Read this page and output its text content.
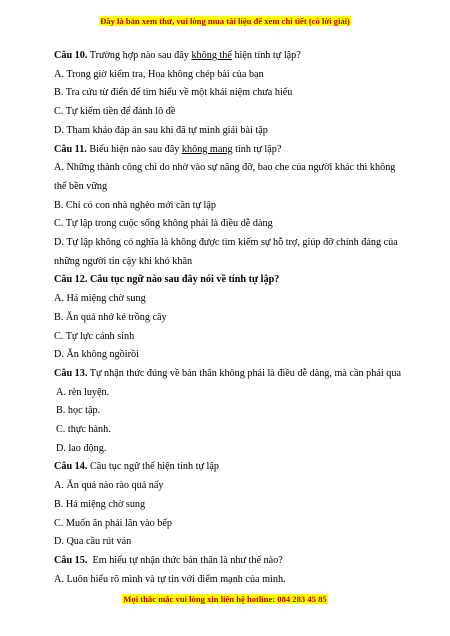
Đây là bản xem thử, vui lòng mua tài liệu để xem chi tiết (có lời giải)

Câu 10. Trường hợp nào sau đây không thể hiện tính tự lập?

A. Trong giờ kiểm tra, Hoa không chép bài của bạn

B. Tra cứu từ điển để tìm hiểu về một khái niệm chưa hiểu

C. Tự kiếm tiền để đánh lô đề

D. Tham khảo đáp án sau khi đã tự mình giải bài tập

Câu 11. Biểu hiện nào sau đây không mang tính tự lập?

A. Những thành công chỉ do nhờ vào sự nâng đỡ, bao che của người khác thì không

thể bền vững

B. Chỉ có con nhà nghèo mới cần tự lập

C. Tự lập trong cuộc sống không phải là điều dễ dàng

D. Tự lập không có nghĩa là không được tìm kiếm sự hỗ trợ, giúp đỡ chính đáng của

những người tin cậy khi khó khăn

Câu 12. Câu tục ngữ nào sau đây nói về tính tự lập?

A. Há miệng chờ sung

B. Ăn quả nhớ kẻ trồng cây

C. Tự lực cánh sinh

D. Ăn không ngồirồi

Câu 13. Tự nhận thức đúng về bản thân không phải là điều dễ dàng, mà cần phải qua

A. rèn luyện.

B. học tập.

C. thực hành.

D. lao động.

Câu 14. Câu tục ngữ thể hiện tính tự lập

A. Ăn quả nào rào quả nấy

B. Há miệng chờ sung

C. Muốn ăn phải lăn vào bếp

D. Qua cầu rút ván

Câu 15.  Em hiểu tự nhận thức bản thân là như thế nào?

A. Luôn hiểu rõ mình và tự tin với điểm mạnh của mình.

Mọi thắc mắc vui lòng xin liên hệ hotline: 084 283 45 85
